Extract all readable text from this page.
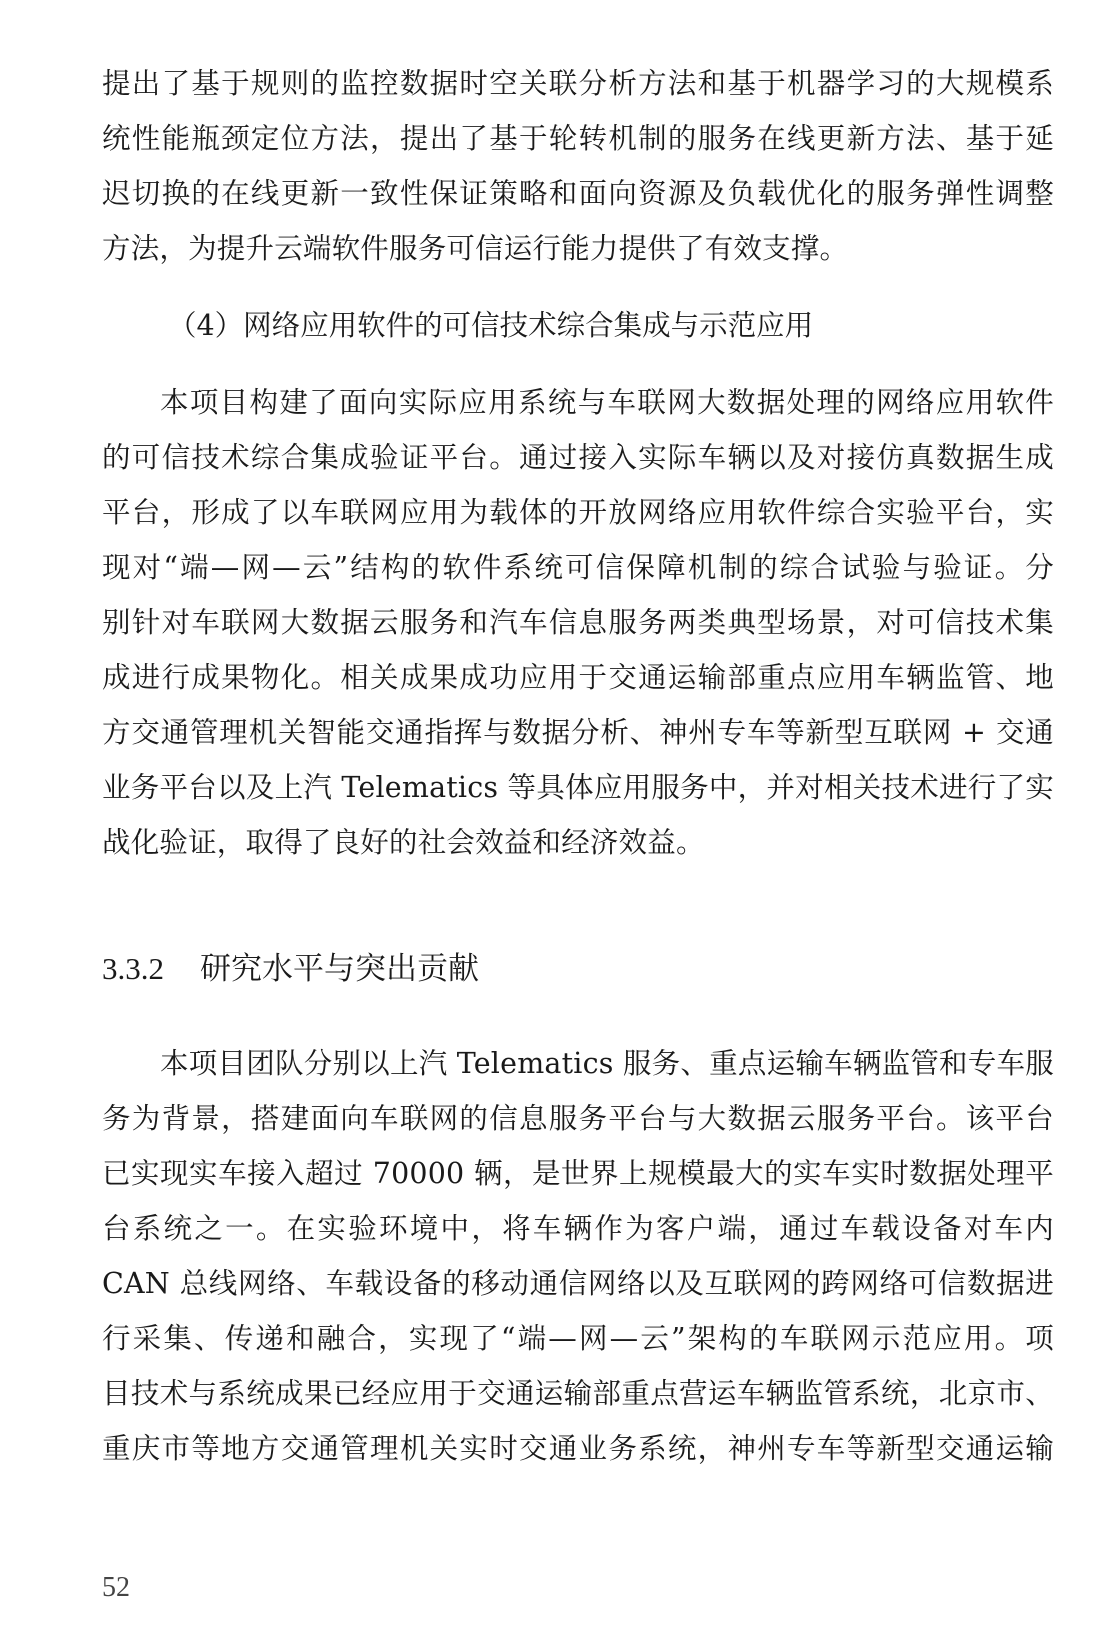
提出了基于规则的监控数据时空关联分析方法和基于机器学习的大规模系
统性能瓶颈定位方法，提出了基于轮转机制的服务在线更新方法、基于延
迟切换的在线更新一致性保证策略和面向资源及负载优化的服务弹性调整
方法，为提升云端软件服务可信运行能力提供了有效支撑。
（4）网络应用软件的可信技术综合集成与示范应用
本项目构建了面向实际应用系统与车联网大数据处理的网络应用软件
的可信技术综合集成验证平台。通过接入实际车辆以及对接仿真数据生成
平台，形成了以车联网应用为载体的开放网络应用软件综合实验平台，实
现对“端—网—云”结构的软件系统可信保障机制的综合试验与验证。分
别针对车联网大数据云服务和汽车信息服务两类典型场景，对可信技术集
成进行成果物化。相关成果成功应用于交通运输部重点应用车辆监管、地
方交通管理机关智能交通指挥与数据分析、神州专车等新型互联网 + 交通
业务平台以及上汽 Telematics 等具体应用服务中，并对相关技术进行了实
战化验证，取得了良好的社会效益和经济效益。
3.3.2 研究水平与突出贡献
本项目团队分别以上汽 Telematics 服务、重点运输车辆监管和专车服
务为背景，搭建面向车联网的信息服务平台与大数据云服务平台。该平台
已实现实车接入超过 70000 辆，是世界上规模最大的实车实时数据处理平
台系统之一。在实验环境中，将车辆作为客户端，通过车载设备对车内
CAN 总线网络、车载设备的移动通信网络以及互联网的跨网络可信数据进
行采集、传递和融合，实现了“端—网—云”架构的车联网示范应用。项
目技术与系统成果已经应用于交通运输部重点营运车辆监管系统，北京市、
重庆市等地方交通管理机关实时交通业务系统，神州专车等新型交通运输
52
